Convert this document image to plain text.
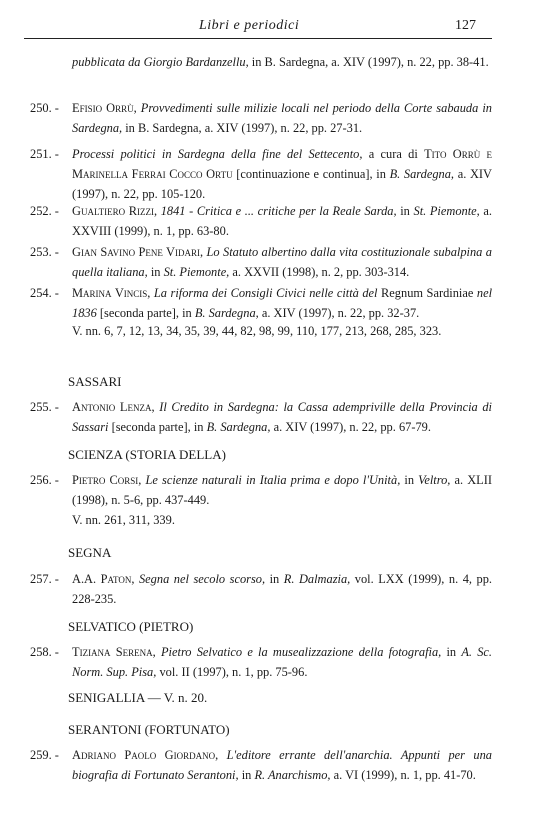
Libri e periodici	127
pubblicata da Giorgio Bardanzellu, in B. Sardegna, a. XIV (1997), n. 22, pp. 38-41.
250. - Efisio Orrù, Provvedimenti sulle milizie locali nel periodo della Corte sabauda in Sardegna, in B. Sardegna, a. XIV (1997), n. 22, pp. 27-31.
251. - Processi politici in Sardegna della fine del Settecento, a cura di Tito Orrù e Marinella Ferrai Cocco Ortu [continuazione e continua], in B. Sardegna, a. XIV (1997), n. 22, pp. 105-120.
252. - Gualtiero Rizzi, 1841 - Critica e ... critiche per la Reale Sarda, in St. Piemonte, a. XXVIII (1999), n. 1, pp. 63-80.
253. - Gian Savino Pene Vidari, Lo Statuto albertino dalla vita costituzionale subalpina a quella italiana, in St. Piemonte, a. XXVII (1998), n. 2, pp. 303-314.
254. - Marina Vincis, La riforma dei Consigli Civici nelle città del Regnum Sardiniae nel 1836 [seconda parte], in B. Sardegna, a. XIV (1997), n. 22, pp. 32-37.
V. nn. 6, 7, 12, 13, 34, 35, 39, 44, 82, 98, 99, 110, 177, 213, 268, 285, 323.
SASSARI
255. - Antonio Lenza, Il Credito in Sardegna: la Cassa adempriville della Provincia di Sassari [seconda parte], in B. Sardegna, a. XIV (1997), n. 22, pp. 67-79.
SCIENZA (STORIA DELLA)
256. - Pietro Corsi, Le scienze naturali in Italia prima e dopo l'Unità, in Veltro, a. XLII (1998), n. 5-6, pp. 437-449.
V. nn. 261, 311, 339.
SEGNA
257. - A.A. Paton, Segna nel secolo scorso, in R. Dalmazia, vol. LXX (1999), n. 4, pp. 228-235.
SELVATICO (PIETRO)
258. - Tiziana Serena, Pietro Selvatico e la musealizzazione della fotografia, in A. Sc. Norm. Sup. Pisa, vol. II (1997), n. 1, pp. 75-96.
SENIGALLIA — V. n. 20.
SERANTONI (FORTUNATO)
259. - Adriano Paolo Giordano, L'editore errante dell'anarchia. Appunti per una biografia di Fortunato Serantoni, in R. Anarchismo, a. VI (1999), n. 1, pp. 41-70.
